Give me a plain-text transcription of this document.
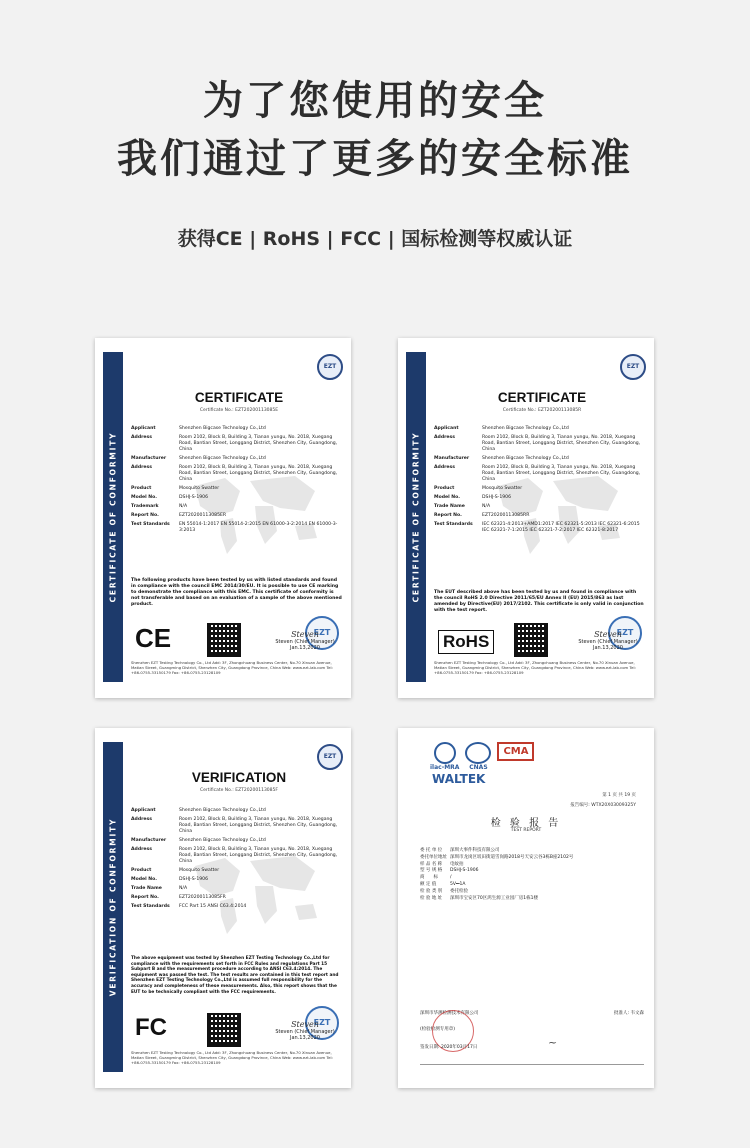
为了您使用的安全
我们通过了更多的安全标准
获得CE | RoHS | FCC | 国标检测等权威认证
CERTIFICATE OF CONFORMITY
EZT
CERTIFICATE
Certificate No.: EZT20200113085E
Applicant	Shenzhen Bigcase Technology Co.,Ltd
Address	Room 2102, Block B, Building 3, Tianan yungu, No. 2018, Xuegang Road, Bantian Street, Longgang District, Shenzhen City, Guangdong, China
Manufacturer	Shenzhen Bigcase Technology Co.,Ltd
Address	Room 2102, Block B, Building 3, Tianan yungu, No. 2018, Xuegang Road, Bantian Street, Longgang District, Shenzhen City, Guangdong, China
Product	Mosquito Swatter
Model No.	DSHJ-S-1906
Trademark	N/A
Report No.	EZT20200113085ER
Test Standards	EN 55014-1:2017 EN 55014-2:2015 EN 61000-3-2:2014 EN 61000-3-3:2013
The following products have been tested by us with listed standards and found in compliance with the council EMC 2014/30/EU. It is possible to use CE marking to demonstrate the compliance with this EMC. This certificate of conformity is not transferable and based on an evaluation of a sample of the above mentioned product.
CE	EZT
Steven
Steven (Chief Manager)
Jan.13,2020
Shenzhen EZT Testing Technology Co., Ltd Add: 3F, Zhongchuang Business Center, No.70 Xinuan Avenue, Matian Street, Guangming District, Shenzhen City, Guangdong Province, China Web: www.ezt-lab.com Tel: +86-0755-33150179 Fax: +86-0755-23128109
CERTIFICATE OF CONFORMITY
EZT
CERTIFICATE
Certificate No.: EZT20200113085R
Applicant	Shenzhen Bigcase Technology Co.,Ltd
Address	Room 2102, Block B, Building 3, Tianan yungu, No. 2018, Xuegang Road, Bantian Street, Longgang District, Shenzhen City, Guangdong, China
Manufacturer	Shenzhen Bigcase Technology Co.,Ltd
Address	Room 2102, Block B, Building 3, Tianan yungu, No. 2018, Xuegang Road, Bantian Street, Longgang District, Shenzhen City, Guangdong, China
Product	Mosquito Swatter
Model No.	DSHJ-S-1906
Trade Name	N/A
Report No.	EZT20200113085RR
Test Standards	IEC 62321-4:2013+AMD1:2017 IEC 62321-5:2013 IEC 62321-6:2015 IEC 62321-7-1:2015 IEC 62321-7-2:2017 IEC 62321-8:2017
The EUT described above has been tested by us and found in compliance with the council RoHS 2.0 Directive 2011/65/EU Annex II (EU) 2015/863 as last amended by Directive(EU) 2017/2102. This certificate is only valid in conjunction with the test report.
RoHS	EZT
Steven
Steven (Chief Manager)
Jan.13,2020
Shenzhen EZT Testing Technology Co., Ltd Add: 3F, Zhongchuang Business Center, No.70 Xinuan Avenue, Matian Street, Guangming District, Shenzhen City, Guangdong Province, China Web: www.ezt-lab.com Tel: +86-0755-33150179 Fax: +86-0755-23128109
VERIFICATION OF CONFORMITY
EZT
VERIFICATION
Certificate No.: EZT20200113085F
Applicant	Shenzhen Bigcase Technology Co.,Ltd
Address	Room 2102, Block B, Building 3, Tianan yungu, No. 2018, Xuegang Road, Bantian Street, Longgang District, Shenzhen City, Guangdong, China
Manufacturer	Shenzhen Bigcase Technology Co.,Ltd
Address	Room 2102, Block B, Building 3, Tianan yungu, No. 2018, Xuegang Road, Bantian Street, Longgang District, Shenzhen City, Guangdong, China
Product	Mosquito Swatter
Model No.	DSHJ-S-1906
Trade Name	N/A
Report No.	EZT20200113085FR
Test Standards	FCC Part 15 ANSI C63.4:2014
The above equipment was tested by Shenzhen EZT Testing Technology Co.,Ltd for compliance with the requirements set forth in FCC Rules and regulations Part 15 Subpart B and the measurement procedure according to ANSI C63.4:2014. The equipment was passed the test. The test results are contained in this test report and Shenzhen EZT Testing Technology Co.,Ltd is assumed full responsibility for the accuracy and completeness of these measurements. Also, this report shows that the EUT to be technically compliant with the FCC requirements.
FC	EZT
Steven
Steven (Chief Manager)
Jan.13,2020
Shenzhen EZT Testing Technology Co., Ltd Add: 3F, Zhongchuang Business Center, No.70 Xinuan Avenue, Matian Street, Guangming District, Shenzhen City, Guangdong Province, China Web: www.ezt-lab.com Tel: +86-0755-33150179 Fax: +86-0755-23128109
ilac-MRA	CNAS
CMA
WALTEK
第 1 页 共 19 页
报告编号: WTX20X03009325Y
检 验 报 告
TEST REPORT
委 托 单 位	深圳大事件科技有限公司
委托单位地址 深圳市龙岗区坂田街道雪岗路2018号天安云谷3栋B座2102号
样 品 名 称	电蚊拍
型 号 规 格	DSHJ-S-1906
商　　标	/
额 定 值	5V⎓1A
检 验 类 别	委托检验
检 验 地 址	深圳市宝安区70区鸿生源工业园厂房1栋1楼
深圳市华测检测技术有限公司	批准人: 韦文森
(检验检测专用章)
签发日期: 2020年03月17日	~
